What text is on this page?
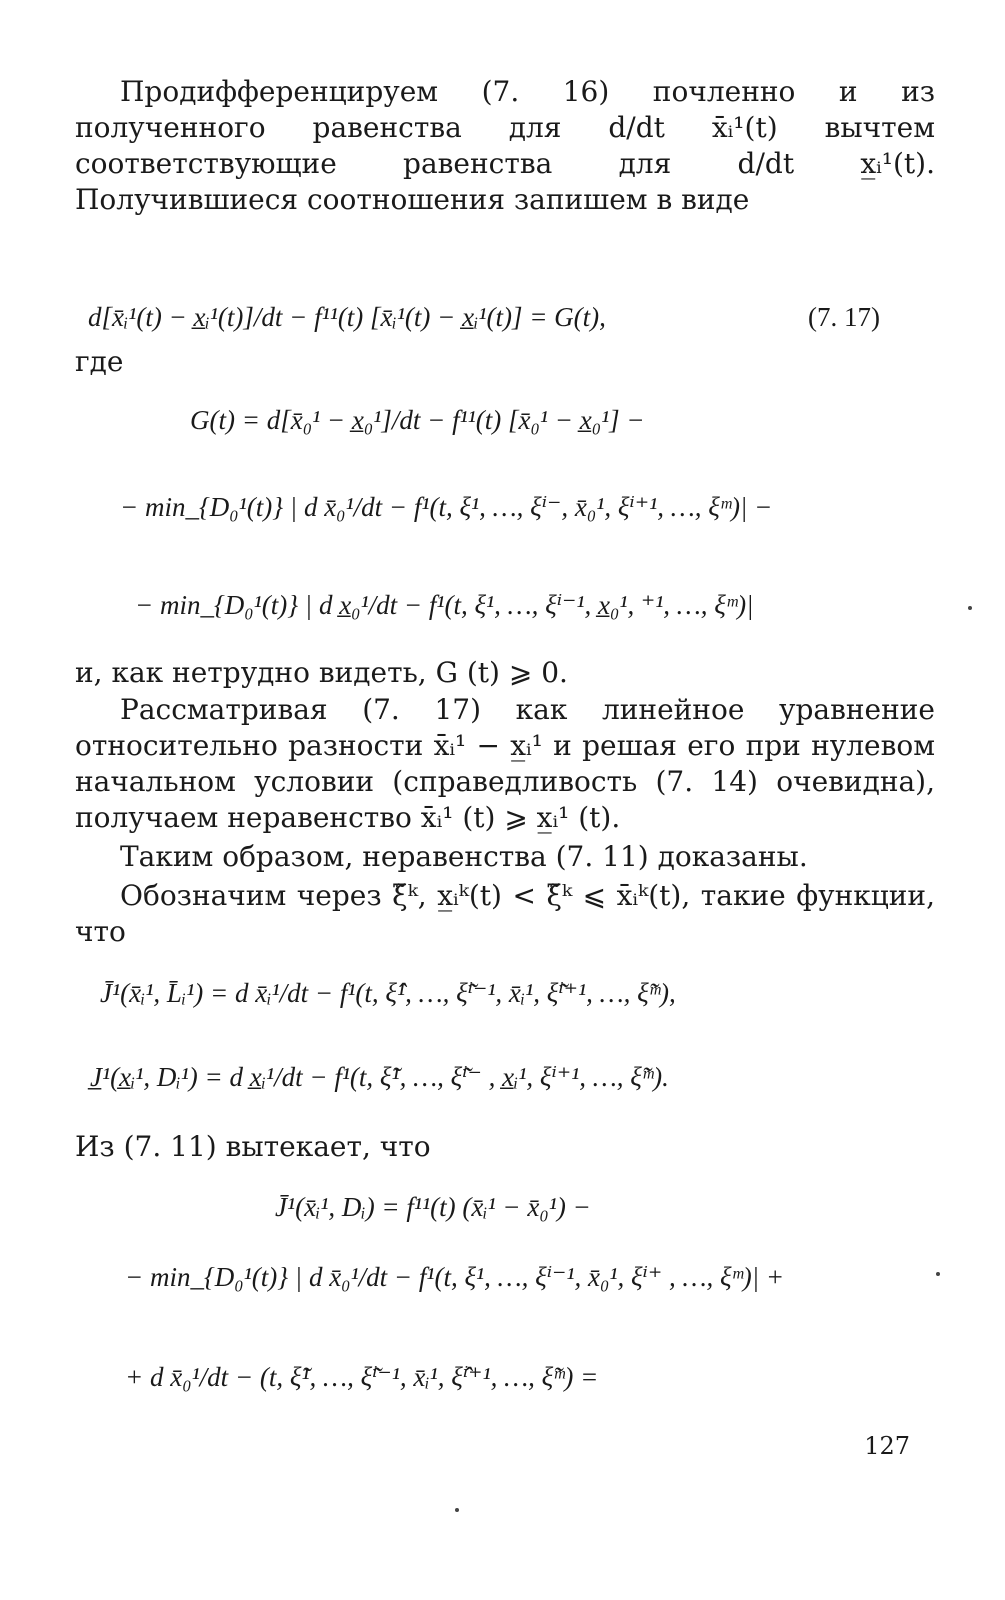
Продифференцируем (7. 16) почленно и из полученного равенства для d/dt x̄ᵢ¹(t) вычтем соответствующие равенства для d/dt x̲ᵢ¹(t). Получившиеся соотношения запишем в виде
d[x̄ᵢ¹(t) − x̲ᵢ¹(t)]/dt − f¹¹(t) [x̄ᵢ¹(t) − x̲ᵢ¹(t)] = G(t),	(7. 17)
где
G(t) = d[x̄₀¹ − x̲₀¹]/dt − f¹¹(t) [x̄₀¹ − x̲₀¹] −
− min_{D₀¹(t)} | d x̄₀¹/dt − f¹(t, ξ¹, …, ξⁱ⁻, x̄₀¹, ξⁱ⁺¹, …, ξᵐ)| −
− min_{D₀¹(t)} | d x̲₀¹/dt − f¹(t, ξ¹, …, ξⁱ⁻¹, x̲₀¹, ⁺¹, …, ξᵐ)|
и, как нетрудно видеть, G (t) ⩾ 0.
Рассматривая (7. 17) как линейное уравнение относительно разности x̄ᵢ¹ − x̲ᵢ¹ и решая его при нулевом начальном условии (справедливость (7. 14) очевидна), получаем неравенство x̄ᵢ¹ (t) ⩾ x̲ᵢ¹ (t).
Таким образом, неравенства (7. 11) доказаны.
Обозначим через ξ̃ᵏ, x̲ᵢᵏ(t) < ξ̃ᵏ ⩽ x̄ᵢᵏ(t), такие функции, что
J̄¹(x̄ᵢ¹, L̄ᵢ¹) = d x̄ᵢ¹/dt − f¹(t, ξ̂¹, …, ξ̃ⁱ⁻¹, x̄ᵢ¹, ξ̃ⁱ⁺¹, …, ξ̃ᵐ),
J̲¹(x̲ᵢ¹, Dᵢ¹) = d x̲ᵢ¹/dt − f¹(t, ξ̃¹, …, ξ̃ⁱ⁻ , x̲ᵢ¹, ξⁱ⁺¹, …, ξ̃ᵐ).
Из (7. 11) вытекает, что
J̄¹(x̄ᵢ¹, Dᵢ) = f¹¹(t) (x̄ᵢ¹ − x̄₀¹) −
− min_{D₀¹(t)} | d x̄₀¹/dt − f¹(t, ξ¹, …, ξⁱ⁻¹, x̄₀¹, ξⁱ⁺ , …, ξᵐ)| +
+ d x̄₀¹/dt − (t, ξ̃¹, …, ξ̃ⁱ⁻¹, x̄ᵢ¹, ξ̂ⁱ⁺¹, …, ξ̃ᵐ) =
127
